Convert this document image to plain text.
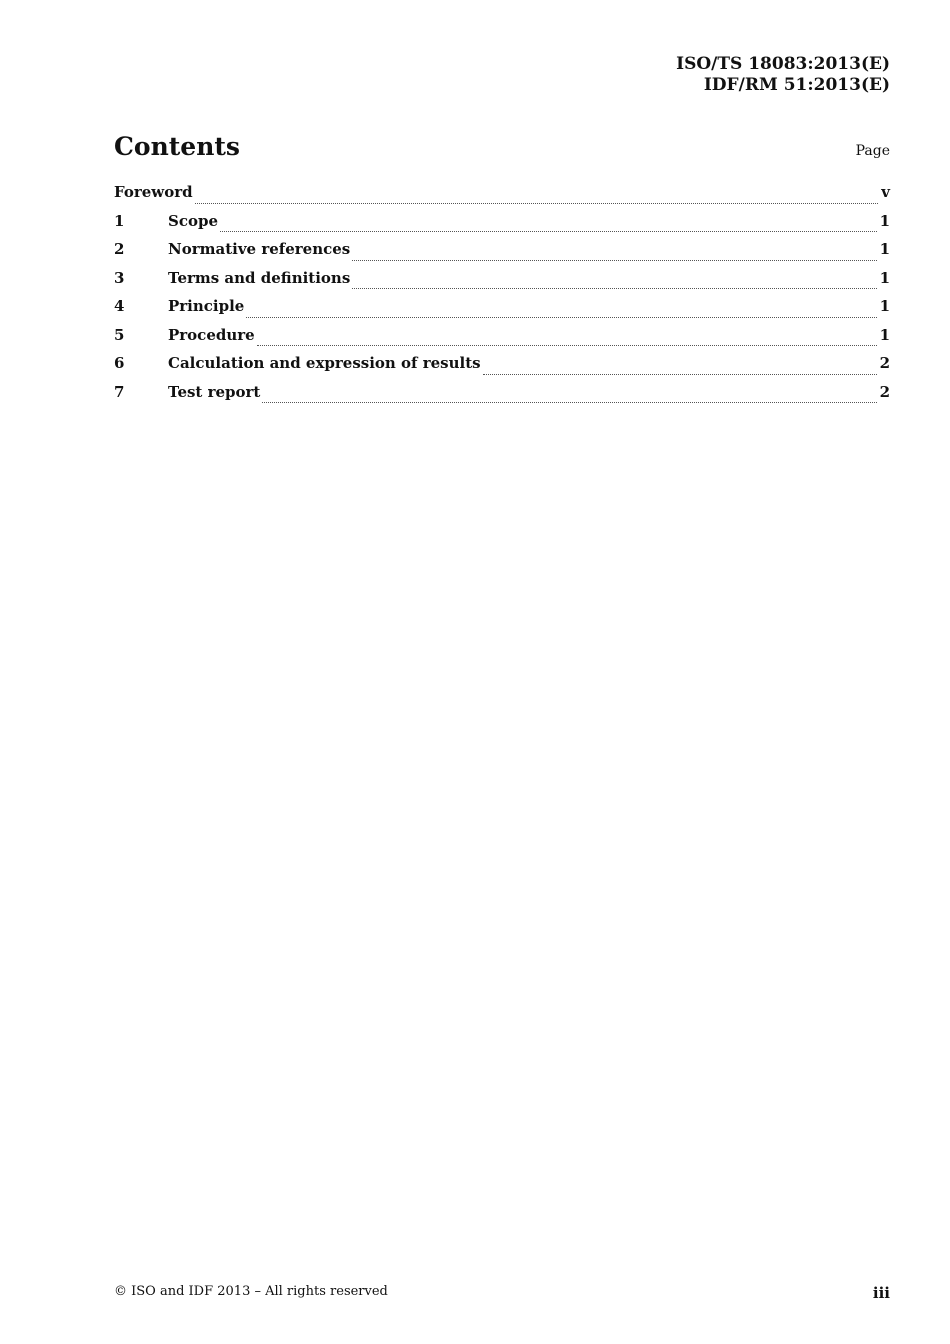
ISO/TS 18083:2013(E)
IDF/RM 51:2013(E)
Contents	Page
Foreword	v
1	Scope	1
2	Normative references	1
3	Terms and definitions	1
4	Principle	1
5	Procedure	1
6	Calculation and expression of results	2
7	Test report	2
© ISO and IDF 2013 – All rights reserved	iii
